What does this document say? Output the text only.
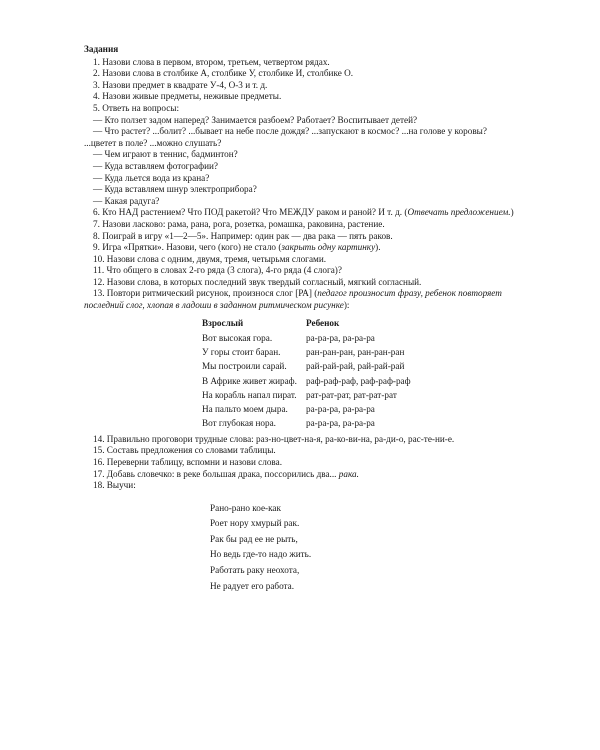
Задания
1. Назови слова в первом, втором, третьем, четвертом рядах.
2. Назови слова в столбике А, столбике У, столбике И, столбике О.
3. Назови предмет в квадрате У-4, О-3 и т. д.
4. Назови живые предметы, неживые предметы.
5. Ответь на вопросы:
— Кто ползет задом наперед? Занимается разбоем? Работает? Воспитывает детей?
— Что растет? ...болит? ...бывает на небе после дождя? ...запускают в космос? ...на голове у коровы? ...цветет в поле? ...можно слушать?
— Чем играют в теннис, бадминтон?
— Куда вставляем фотографии?
— Куда льется вода из крана?
— Куда вставляем шнур электроприбора?
— Какая радуга?
6. Кто НАД растением? Что ПОД ракетой? Что МЕЖДУ раком и раной? И т. д. (Отвечать предложением.)
7. Назови ласково: рама, рана, рога, розетка, ромашка, раковина, растение.
8. Поиграй в игру «1—2—5». Например: один рак — два рака — пять раков.
9. Игра «Прятки». Назови, чего (кого) не стало (закрыть одну картинку).
10. Назови слова с одним, двумя, тремя, четырьмя слогами.
11. Что общего в словах 2-го ряда (3 слога), 4-го ряда (4 слога)?
12. Назови слова, в которых последний звук твердый согласный, мягкий согласный.
13. Повтори ритмический рисунок, произнося слог [РА] (педагог произносит фразу, ребенок повторяет последний слог, хлопая в ладоши в заданном ритмическом рисунке):
Взрослый	Ребенок
Вот высокая гора.	ра-ра-ра, ра-ра-ра
У горы стоит баран.	ран-ран-ран, ран-ран-ран
Мы построили сарай.	рай-рай-рай, рай-рай-рай
В Африке живет жираф.	раф-раф-раф, раф-раф-раф
На корабль напал пират.	рат-рат-рат, рат-рат-рат
На пальто моем дыра.	ра-ра-ра, ра-ра-ра
Вот глубокая нора.	ра-ра-ра, ра-ра-ра
14. Правильно проговори трудные слова: раз-но-цвет-на-я, ра-ко-ви-на, ра-ди-о, рас-те-ни-е.
15. Составь предложения со словами таблицы.
16. Переверни таблицу, вспомни и назови слова.
17. Добавь словечко: в реке большая драка, поссорились два... рака.
18. Выучи:
Рано-рано кое-как
Роет нору хмурый рак.
Рак бы рад ее не рыть,
Но ведь где-то надо жить.
Работать раку неохота,
Не радует его работа.
